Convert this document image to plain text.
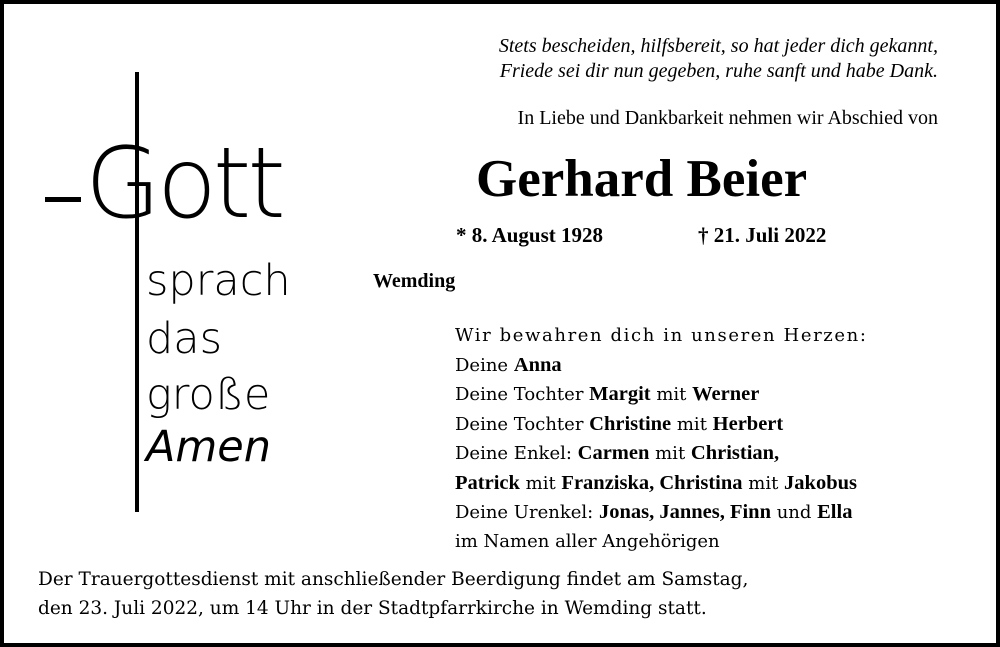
Gott
sprach
das
große
Amen
Stets bescheiden, hilfsbereit, so hat jeder dich gekannt,
Friede sei dir nun gegeben, ruhe sanft und habe Dank.
In Liebe und Dankbarkeit nehmen wir Abschied von
Gerhard Beier
* 8. August 1928	† 21. Juli 2022
Wemding
Wir bewahren dich in unseren Herzen:
Deine Anna
Deine Tochter Margit mit Werner
Deine Tochter Christine mit Herbert
Deine Enkel: Carmen mit Christian,
Patrick mit Franziska, Christina mit Jakobus
Deine Urenkel: Jonas, Jannes, Finn und Ella
im Namen aller Angehörigen
Der Trauergottesdienst mit anschließender Beerdigung findet am Samstag,
den 23. Juli 2022, um 14 Uhr in der Stadtpfarrkirche in Wemding statt.
